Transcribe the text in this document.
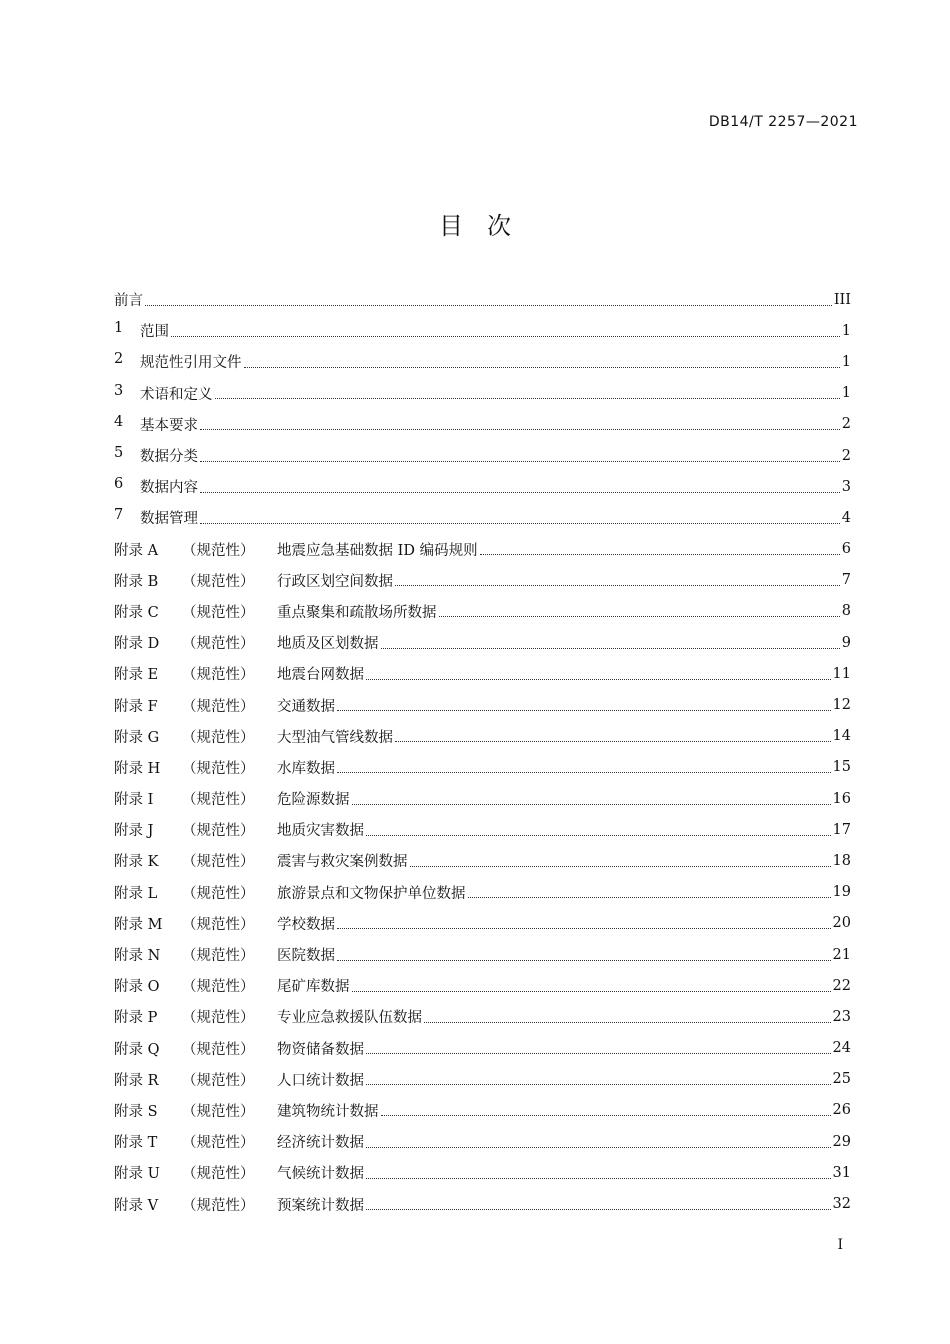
DB14/T 2257—2021
目　次
前言	III
1	范围	1
2	规范性引用文件	1
3	术语和定义	1
4	基本要求	2
5	数据分类	2
6	数据内容	3
7	数据管理	4
附录 A	（规范性）	地震应急基础数据 ID 编码规则	6
附录 B	（规范性）	行政区划空间数据	7
附录 C	（规范性）	重点聚集和疏散场所数据	8
附录 D	（规范性）	地质及区划数据	9
附录 E	（规范性）	地震台网数据	11
附录 F	（规范性）	交通数据	12
附录 G	（规范性）	大型油气管线数据	14
附录 H	（规范性）	水库数据	15
附录 I	（规范性）	危险源数据	16
附录 J	（规范性）	地质灾害数据	17
附录 K	（规范性）	震害与救灾案例数据	18
附录 L	（规范性）	旅游景点和文物保护单位数据	19
附录 M	（规范性）	学校数据	20
附录 N	（规范性）	医院数据	21
附录 O	（规范性）	尾矿库数据	22
附录 P	（规范性）	专业应急救援队伍数据	23
附录 Q	（规范性）	物资储备数据	24
附录 R	（规范性）	人口统计数据	25
附录 S	（规范性）	建筑物统计数据	26
附录 T	（规范性）	经济统计数据	29
附录 U	（规范性）	气候统计数据	31
附录 V	（规范性）	预案统计数据	32
I
